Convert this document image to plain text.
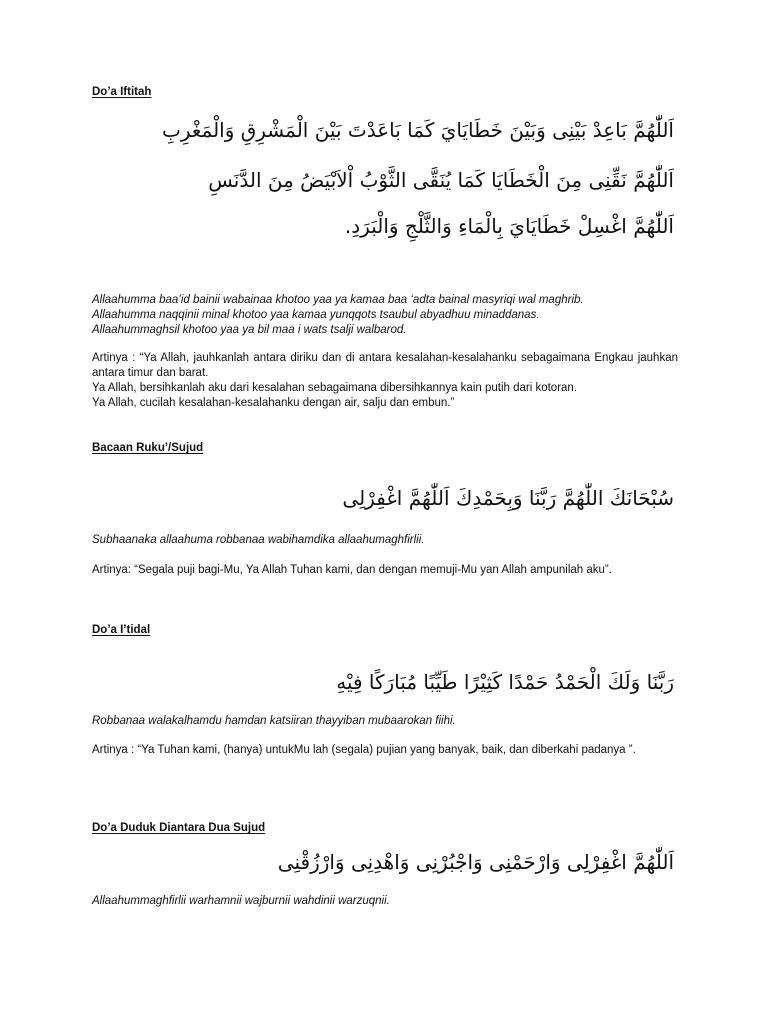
Do’a Iftitah
اَللّٰهُمَّ بَاعِدْ بَيْنِى وَبَيْنَ خَطَايَايَ كَمَا بَاعَدْتَ بَيْنَ الْمَشْرِقِ وَالْمَغْرِبِ
اَللّٰهُمَّ نَقِّنِى مِنَ الْخَطَايَا كَمَا يُنَقَّى الثَّوْبُ اْلاَبْيَضُ مِنَ الدَّنَسِ
اَللّٰهُمَّ اغْسِلْ خَطَايَايَ بِالْمَاءِ وَالثَّلْجِ وَالْبَرَدِ.
Allaahumma baa’id bainii wabainaa khotoo yaa ya kamaa baa ‘adta bainal masyriqi wal maghrib.
Allaahumma naqqinii minal khotoo yaa kamaa yunqqots tsaubul abyadhuu minaddanas.
Allaahummaghsil khotoo yaa ya bil maa i wats tsalji walbarod.
Artinya : “Ya Allah, jauhkanlah antara diriku dan di antara kesalahan-kesalahanku sebagaimana Engkau jauhkan antara timur dan barat.
Ya Allah, bersihkanlah aku dari kesalahan sebagaimana dibersihkannya kain putih dari kotoran.
Ya Allah, cucilah kesalahan-kesalahanku dengan air, salju dan embun.”
Bacaan Ruku’/Sujud
سُبْحَانَكَ اللّٰهُمَّ رَبَّنَا وَبِحَمْدِكَ اَللّٰهُمَّ اغْفِرْلِى
Subhaanaka allaahuma robbanaa wabihamdika allaahumaghfirlii.
Artinya: “Segala puji bagi-Mu, Ya Allah Tuhan kami, dan dengan memuji-Mu yan Allah ampunilah aku”.
Do’a I’tidal
رَبَّنَا وَلَكَ الْحَمْدُ حَمْدًا كَثِيْرًا طَيِّبًا مُبَارَكًا فِيْهِ
Robbanaa walakalhamdu hamdan katsiiran thayyiban mubaarokan fiihi.
Artinya : “Ya Tuhan kami, (hanya) untukMu lah (segala) pujian yang banyak, baik, dan diberkahi padanya ”.
Do’a Duduk Diantara Dua Sujud
اَللّٰهُمَّ اغْفِرْلِى وَارْحَمْنِى وَاجْبُرْنِى وَاهْدِنِى وَارْزُقْنِى
Allaahummaghfirlii warhamnii wajburnii wahdinii warzuqnii.
